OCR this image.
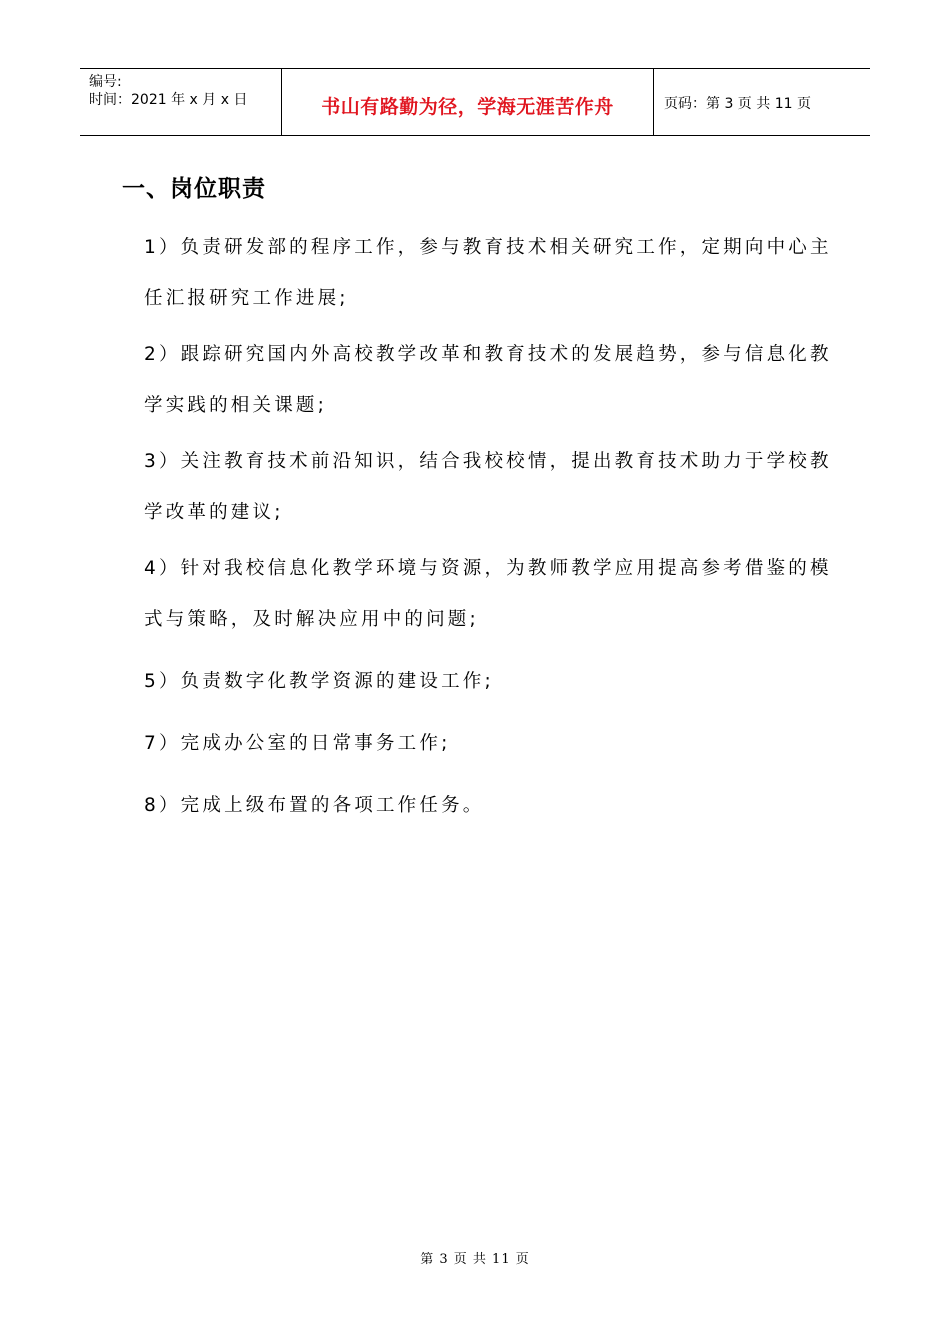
编号:
时间：2021 年 x 月 x 日	书山有路勤为径，学海无涯苦作舟	页码：第 3 页 共 11 页
一、岗位职责
1）负责研发部的程序工作，参与教育技术相关研究工作，定期向中心主任汇报研究工作进展;
2）跟踪研究国内外高校教学改革和教育技术的发展趋势，参与信息化教学实践的相关课题;
3）关注教育技术前沿知识，结合我校校情，提出教育技术助力于学校教学改革的建议;
4）针对我校信息化教学环境与资源，为教师教学应用提高参考借鉴的模式与策略，及时解决应用中的问题;
5）负责数字化教学资源的建设工作;
7）完成办公室的日常事务工作;
8）完成上级布置的各项工作任务。
第 3 页 共 11 页
